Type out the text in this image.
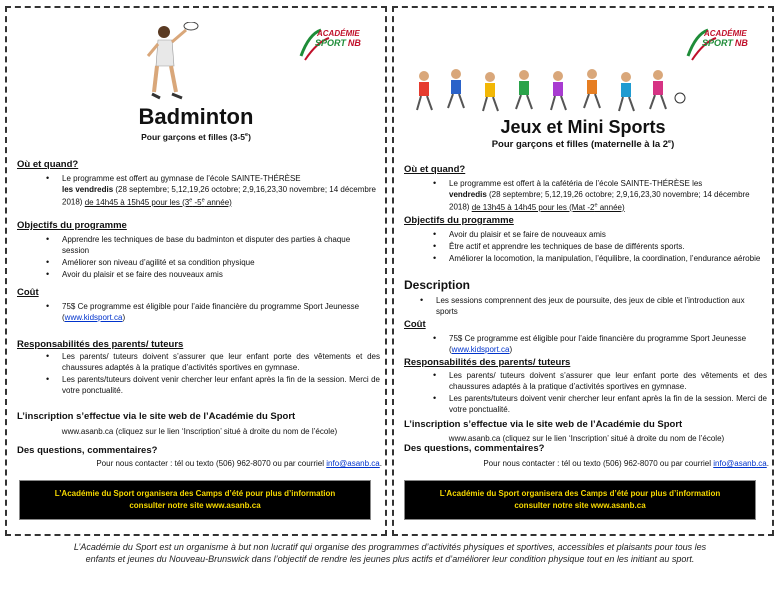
ACADÉMIE
SPORT NB
Badminton
Pour garçons et filles (3-5e)
Où et quand?
• Le programme est offert au gymnase de l’école SAINTE-THÉRÈSE
les vendredis (28 septembre; 5,12,19,26 octobre; 2,9,16,23,30 novembre; 14 décembre 2018) de 14h45 à 15h45 pour les (3e -5e année)
Objectifs du programme
• Apprendre les techniques de base du badminton et disputer des parties à chaque session
• Améliorer son niveau d’agilité et sa condition physique
• Avoir du plaisir et se faire des nouveaux amis
Coût
• 75$ Ce programme est éligible pour l’aide financière du programme Sport Jeunesse (www.kidsport.ca)
Responsabilités des parents/ tuteurs
• Les parents/ tuteurs doivent s’assurer que leur enfant porte des vêtements et des chaussures adaptés à la pratique d’activités sportives en gymnase.
• Les parents/tuteurs doivent venir chercher leur enfant après la fin de la session. Merci de votre ponctualité.
L’inscription s’effectue via le site web de l’Académie du Sport
www.asanb.ca (cliquez sur le lien ‘Inscription’ situé à droite du nom de l’école)
Des questions, commentaires?
Pour nous contacter : tél ou texto (506) 962-8070 ou par courriel info@asanb.ca.
L’Académie du Sport organisera des Camps d’été pour plus d’information
consulter notre site www.asanb.ca
ACADÉMIE
SPORT NB
Jeux et Mini Sports
Pour garçons et filles (maternelle à la 2e)
Où et quand?
• Le programme est offert à la cafétéria de l’école SAINTE-THÉRÈSE les
vendredis (28 septembre; 5,12,19,26 octobre; 2,9,16,23,30 novembre; 14 décembre 2018) de 13h45 à 14h45 pour les (Mat -2e année)
Objectifs du programme
• Avoir du plaisir et se faire de nouveaux amis
• Être actif et apprendre les techniques de base de différents sports.
• Améliorer la locomotion, la manipulation, l’équilibre, la coordination, l’endurance aérobie
Description
• Les sessions comprennent des jeux de poursuite, des jeux de cible et l’introduction aux sports
Coût
• 75$ Ce programme est éligible pour l’aide financière du programme Sport Jeunesse (www.kidsport.ca)
Responsabilités des parents/ tuteurs
• Les parents/ tuteurs doivent s’assurer que leur enfant porte des vêtements et des chaussures adaptés à la pratique d’activités sportives en gymnase.
• Les parents/tuteurs doivent venir chercher leur enfant après la fin de la session. Merci de votre ponctualité.
L’inscription s’effectue via le site web de l’Académie du Sport
www.asanb.ca (cliquez sur le lien ‘Inscription’ situé à droite du nom de l’école)
Des questions, commentaires?
Pour nous contacter : tél ou texto (506) 962-8070 ou par courriel info@asanb.ca.
L’Académie du Sport organisera des Camps d’été pour plus d’information
consulter notre site www.asanb.ca
L’Académie du Sport est un organisme à but non lucratif qui organise des programmes d’activités physiques et sportives, accessibles et plaisants pour tous les enfants et jeunes du Nouveau-Brunswick dans l’objectif de rendre les jeunes plus actifs et d’améliorer leur condition physique tout en les initiant au sport.
